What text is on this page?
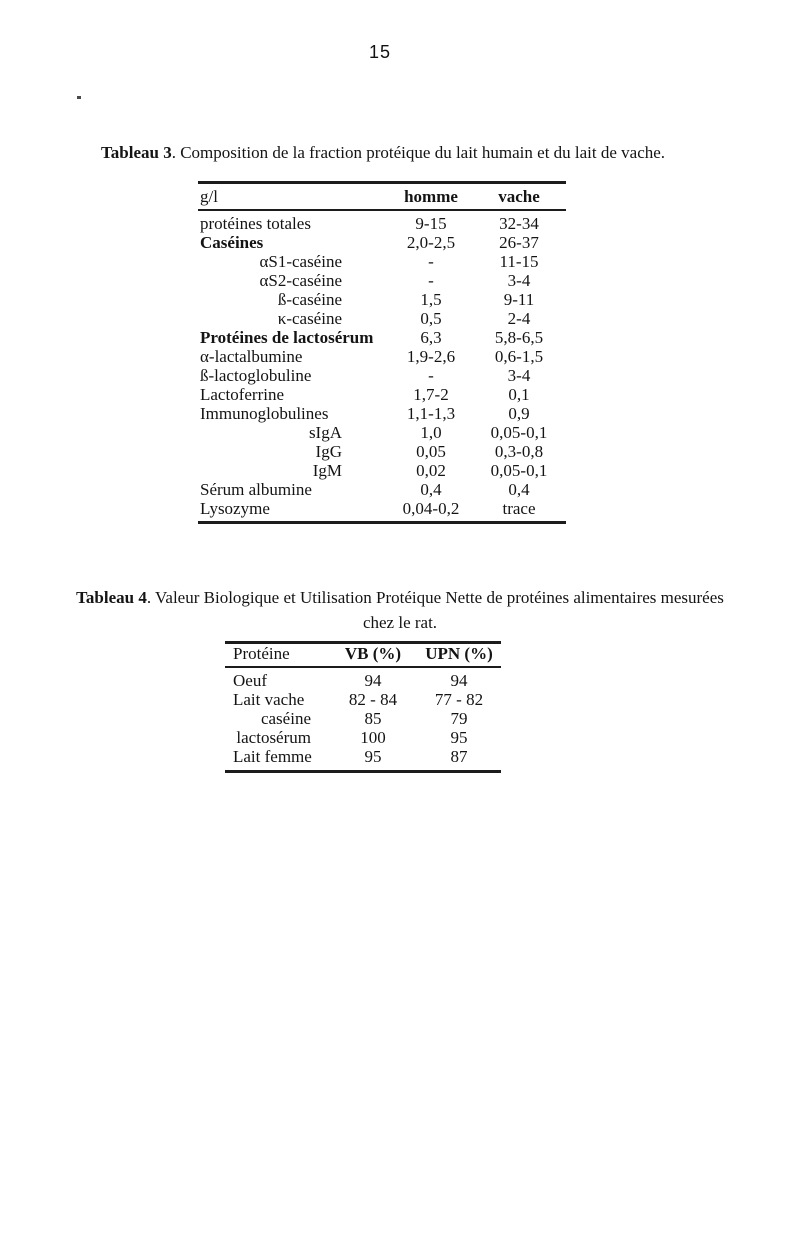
15
Tableau 3. Composition de la fraction protéique du lait humain et du lait de vache.
g/l	homme	vache
protéines totales	9-15	32-34
Caséines	2,0-2,5	26-37
αS1-caséine	-	11-15
αS2-caséine	-	3-4
ß-caséine	1,5	9-11
κ-caséine	0,5	2-4
Protéines de lactosérum	6,3	5,8-6,5
α-lactalbumine	1,9-2,6	0,6-1,5
ß-lactoglobuline	-	3-4
Lactoferrine	1,7-2	0,1
Immunoglobulines	1,1-1,3	0,9
sIgA	1,0	0,05-0,1
IgG	0,05	0,3-0,8
IgM	0,02	0,05-0,1
Sérum albumine	0,4	0,4
Lysozyme	0,04-0,2	trace
Tableau 4. Valeur Biologique et Utilisation Protéique Nette de protéines alimentaires mesurées
chez le rat.
Protéine	VB (%)	UPN (%)
Oeuf	94	94
Lait vache	82 - 84	77 - 82
caséine	85	79
lactosérum	100	95
Lait femme	95	87
